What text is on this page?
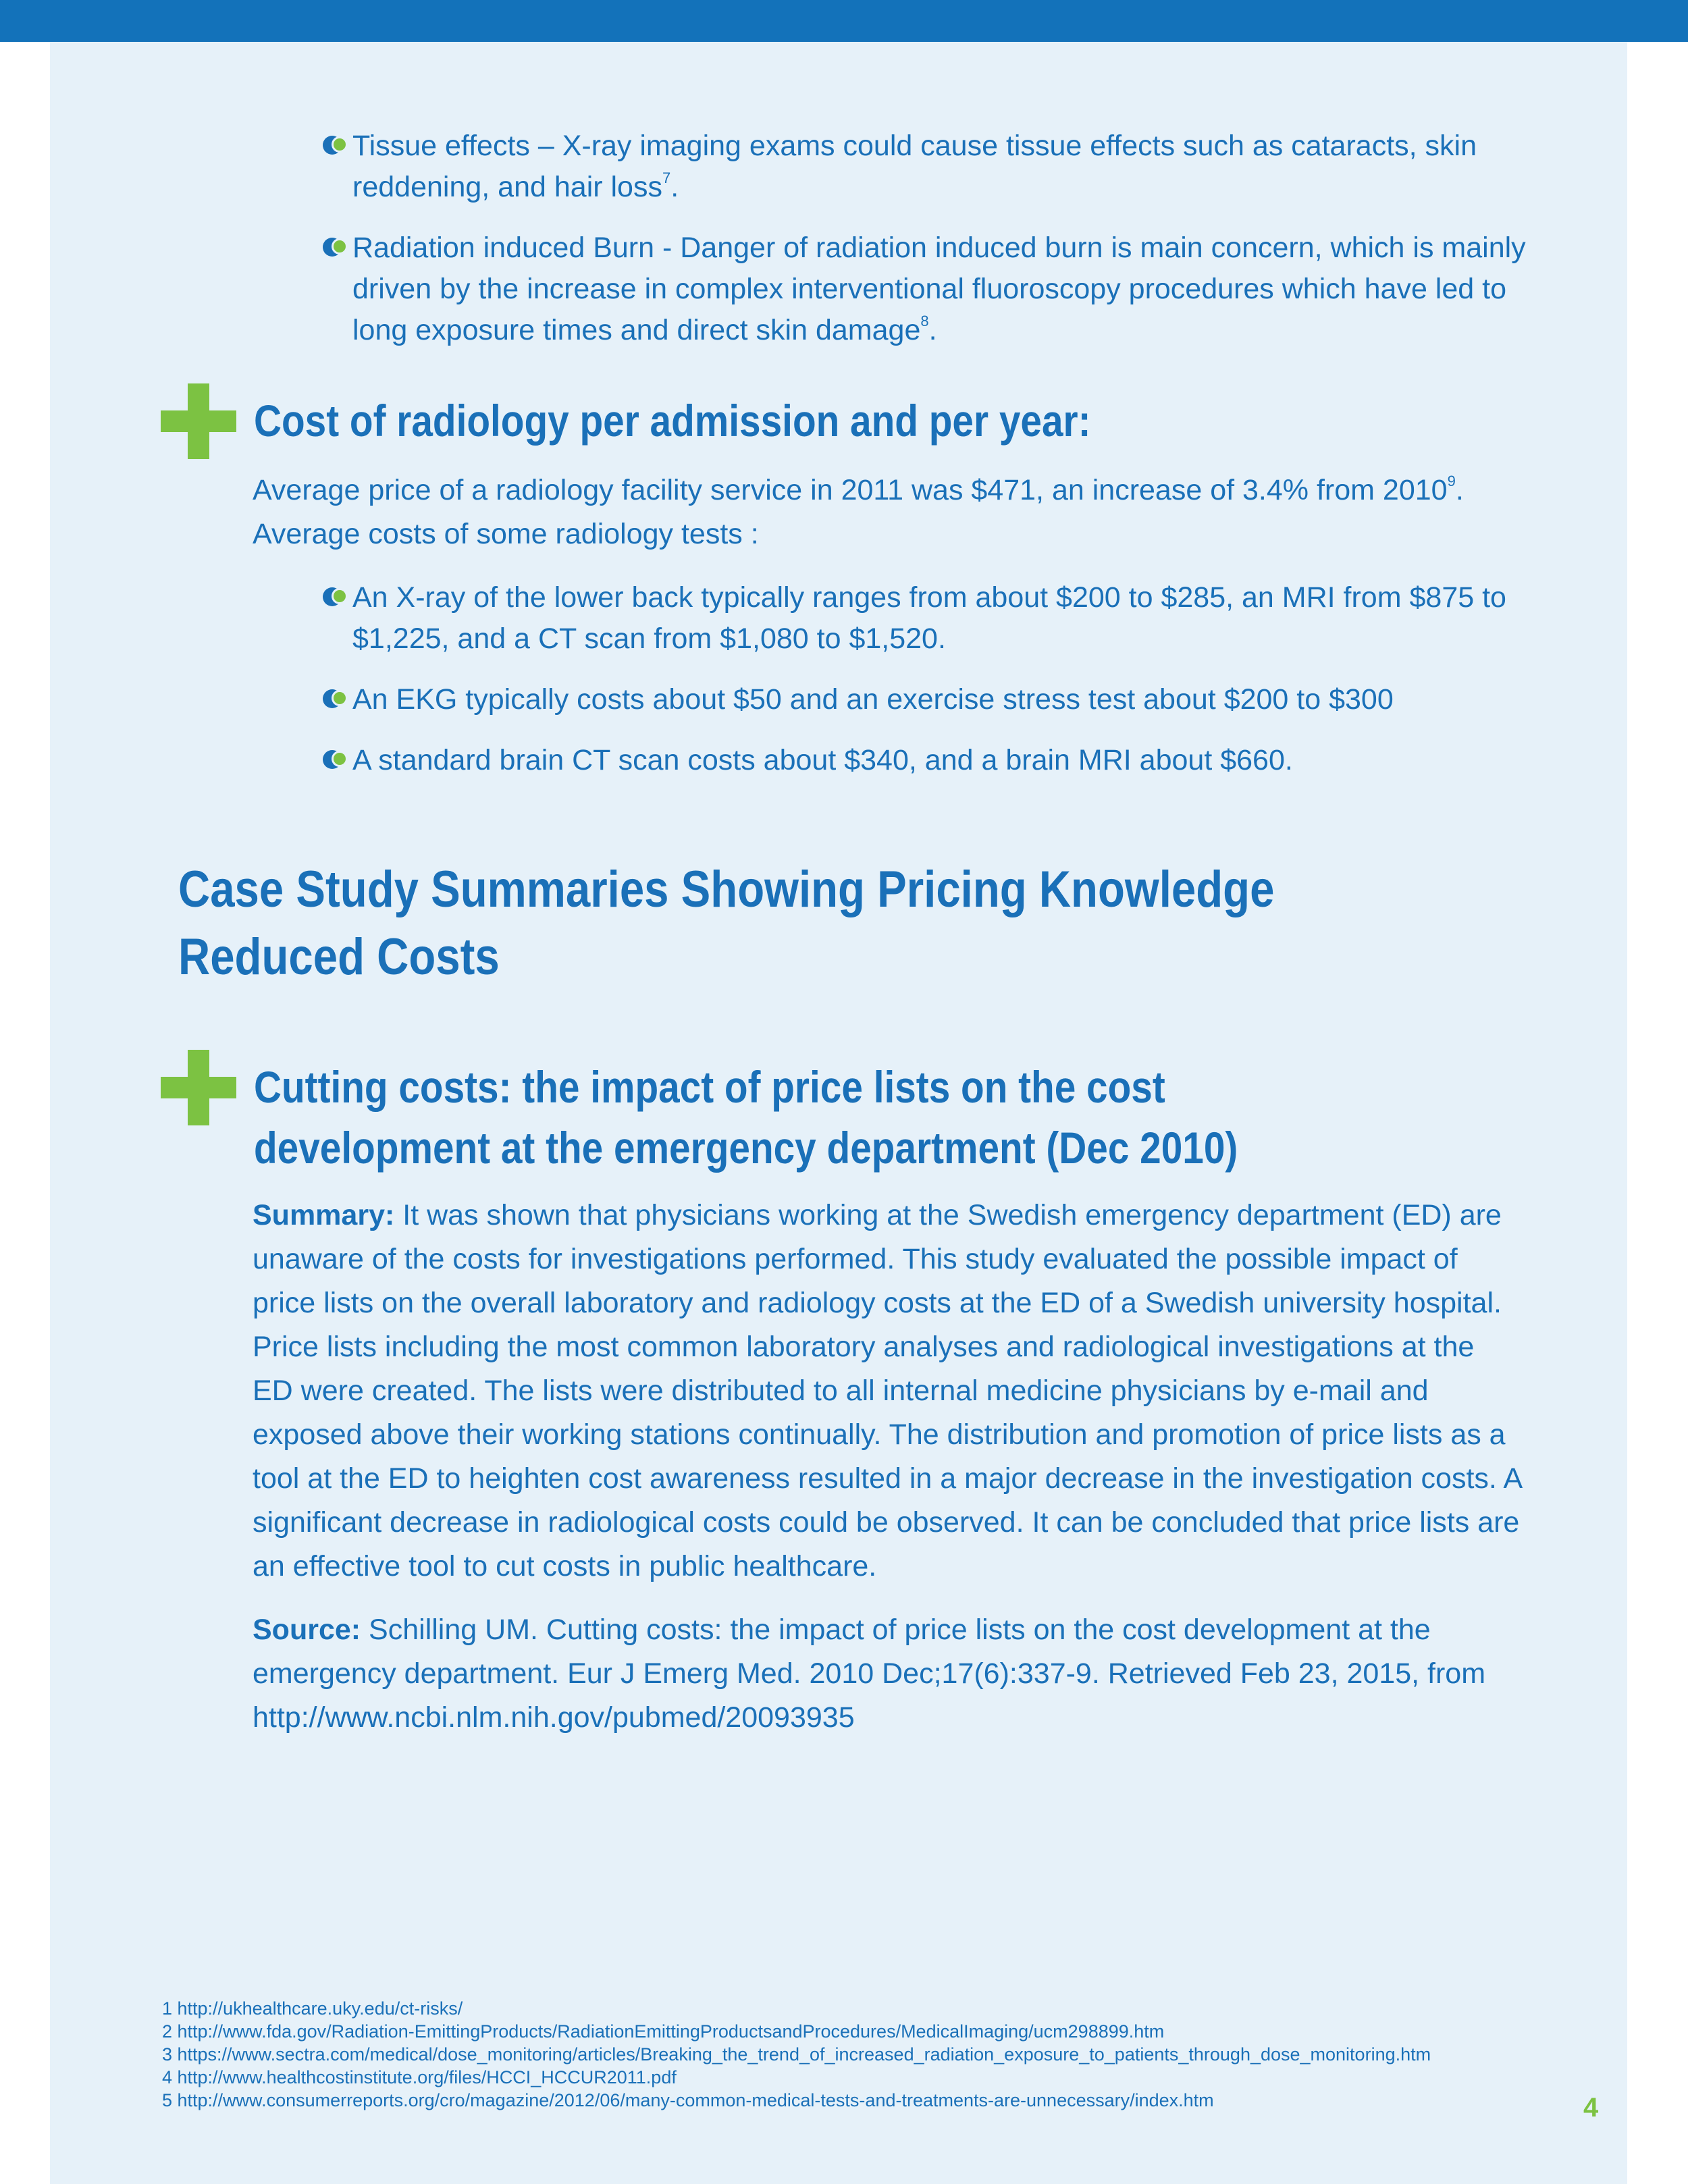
Tissue effects – X-ray imaging exams could cause tissue effects such as cataracts, skin reddening, and hair loss$^7$.
Radiation induced Burn - Danger of radiation induced burn is main concern, which is mainly driven by the increase in complex interventional fluoroscopy procedures which have led to long exposure times and direct skin damage$^8$.
Cost of radiology per admission and per year:

Average price of a radiology facility service in 2011 was $471, an increase of 3.4% from 2010$^9$.
Average costs of some radiology tests :

An X-ray of the lower back typically ranges from about $200 to $285, an MRI from $875 to $1,225, and a CT scan from $1,080 to $1,520.
An EKG typically costs about $50 and an exercise stress test about $200 to $300
A standard brain CT scan costs about $340, and a brain MRI about $660.
Case Study Summaries Showing Pricing Knowledge
Reduced Costs
Cutting costs: the impact of price lists on the cost
development at the emergency department (Dec 2010)

Summary: It was shown that physicians working at the Swedish emergency department (ED) are unaware of the costs for investigations performed. This study evaluated the possible impact of price lists on the overall laboratory and radiology costs at the ED of a Swedish university hospital. Price lists including the most common laboratory analyses and radiological investigations at the ED were created. The lists were distributed to all internal medicine physicians by e-mail and exposed above their working stations continually. The distribution and promotion of price lists as a tool at the ED to heighten cost awareness resulted in a major decrease in the investigation costs. A significant decrease in radiological costs could be observed. It can be concluded that price lists are an effective tool to cut costs in public healthcare.

Source: Schilling UM. Cutting costs: the impact of price lists on the cost development at the emergency department. Eur J Emerg Med. 2010 Dec;17(6):337-9. Retrieved Feb 23, 2015, from http://www.ncbi.nlm.nih.gov/pubmed/20093935

1 http://ukhealthcare.uky.edu/ct-risks/
2 http://www.fda.gov/Radiation-EmittingProducts/RadiationEmittingProductsandProcedures/MedicalImaging/ucm298899.htm
3 https://www.sectra.com/medical/dose_monitoring/articles/Breaking_the_trend_of_increased_radiation_exposure_to_patients_through_dose_monitoring.htm
4 http://www.healthcostinstitute.org/files/HCCI_HCCUR2011.pdf
5 http://www.consumerreports.org/cro/magazine/2012/06/many-common-medical-tests-and-treatments-are-unnecessary/index.htm	4
